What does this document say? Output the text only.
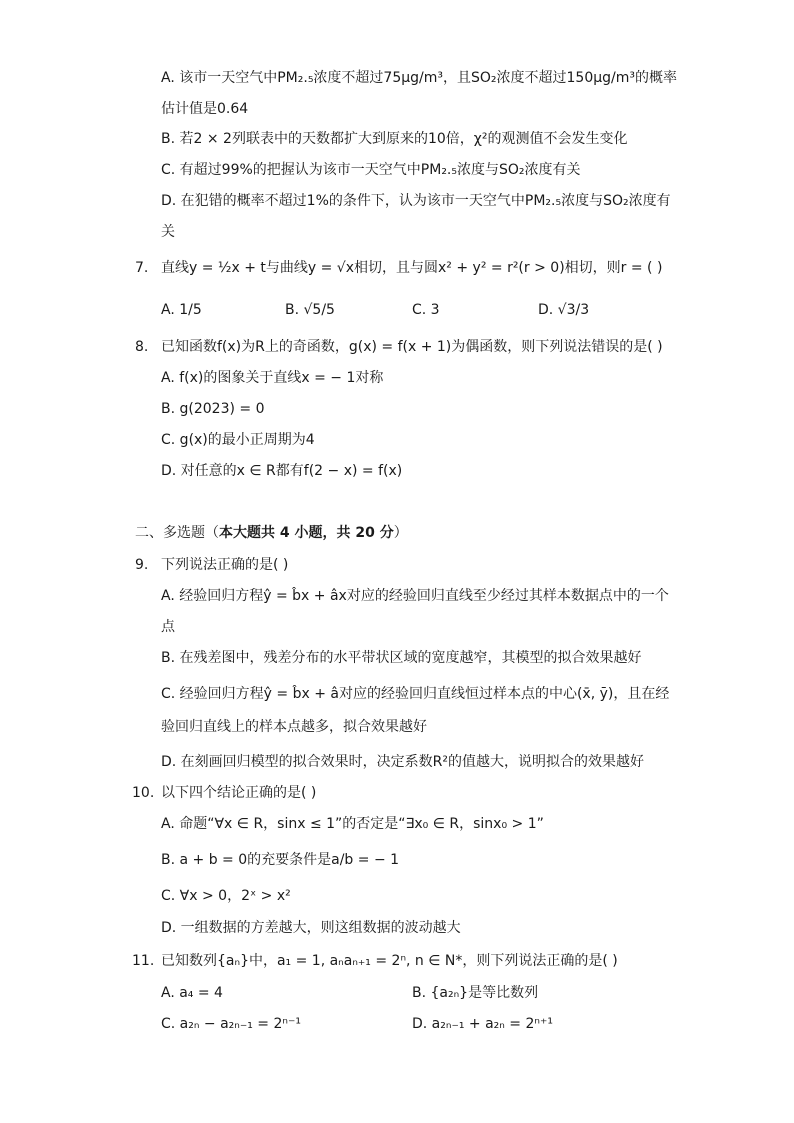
A. 该市一天空气中PM₂.₅浓度不超过75μg/m³，且SO₂浓度不超过150μg/m³的概率
估计值是0.64
B. 若2 × 2列联表中的天数都扩大到原来的10倍，χ²的观测值不会发生变化
C. 有超过99%的把握认为该市一天空气中PM₂.₅浓度与SO₂浓度有关
D. 在犯错的概率不超过1%的条件下，认为该市一天空气中PM₂.₅浓度与SO₂浓度有
关
7. 直线y = ½x + t与曲线y = √x相切，且与圆x² + y² = r²(r > 0)相切，则r = ( )
A. 1/5	B. √5/5	C. 3	D. √3/3
8. 已知函数f(x)为R上的奇函数，g(x) = f(x + 1)为偶函数，则下列说法错误的是( )
A. f(x)的图象关于直线x = − 1对称
B. g(2023) = 0
C. g(x)的最小正周期为4
D. 对任意的x ∈ R都有f(2 − x) = f(x)
二、多选题（本大题共 4 小题，共 20 分）
9. 下列说法正确的是( )
A. 经验回归方程ŷ = b̂x + âx对应的经验回归直线至少经过其样本数据点中的一个
点
B. 在残差图中，残差分布的水平带状区域的宽度越窄，其模型的拟合效果越好
C. 经验回归方程ŷ = b̂x + â对应的经验回归直线恒过样本点的中心(x̄, ȳ)，且在经
验回归直线上的样本点越多，拟合效果越好
D. 在刻画回归模型的拟合效果时，决定系数R²的值越大，说明拟合的效果越好
10. 以下四个结论正确的是( )
A. 命题“∀x ∈ R，sinx ≤ 1”的否定是“∃x₀ ∈ R，sinx₀ > 1”
B. a + b = 0的充要条件是a/b = − 1
C. ∀x > 0，2ˣ > x²
D. 一组数据的方差越大，则这组数据的波动越大
11. 已知数列{aₙ}中，a₁ = 1, aₙaₙ₊₁ = 2ⁿ, n ∈ N*，则下列说法正确的是( )
A. a₄ = 4	B. {a₂ₙ}是等比数列
C. a₂ₙ − a₂ₙ₋₁ = 2ⁿ⁻¹	D. a₂ₙ₋₁ + a₂ₙ = 2ⁿ⁺¹
